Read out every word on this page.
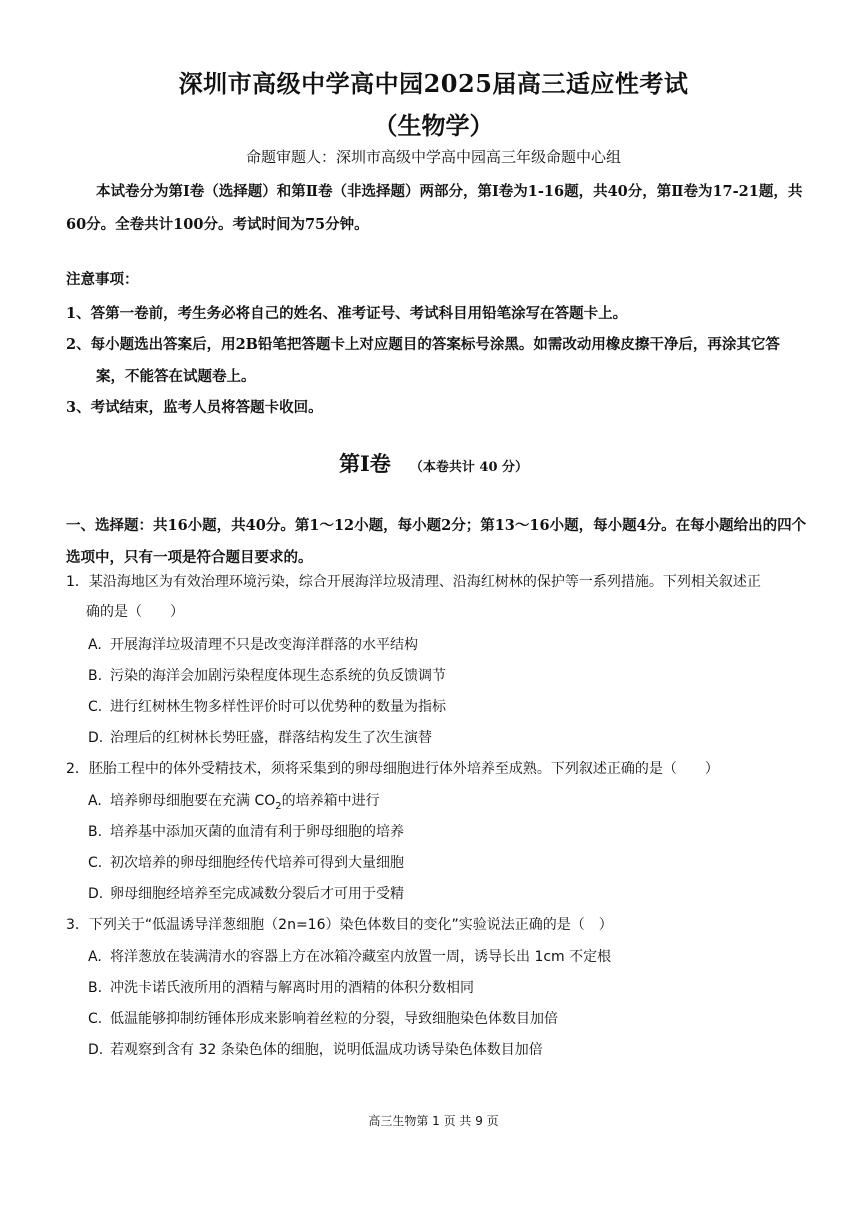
深圳市高级中学高中园2025届高三适应性考试
（生物学）
命题审题人：深圳市高级中学高中园高三年级命题中心组
本试卷分为第Ⅰ卷（选择题）和第Ⅱ卷（非选择题）两部分，第Ⅰ卷为1-16题，共40分，第Ⅱ卷为17-21题，共60分。全卷共计100分。考试时间为75分钟。
注意事项：
1、答第一卷前，考生务必将自己的姓名、准考证号、考试科目用铅笔涂写在答题卡上。
2、每小题选出答案后，用2B铅笔把答题卡上对应题目的答案标号涂黑。如需改动用橡皮擦干净后，再涂其它答
案，不能答在试题卷上。
3、考试结束，监考人员将答题卡收回。
第Ⅰ卷 （本卷共计 40 分）
一、选择题：共16小题，共40分。第1～12小题，每小题2分；第13～16小题，每小题4分。在每小题给出的四个选项中，只有一项是符合题目要求的。
1．某沿海地区为有效治理环境污染，综合开展海洋垃圾清理、沿海红树林的保护等一系列措施。下列相关叙述正
确的是（　　）
A. 开展海洋垃圾清理不只是改变海洋群落的水平结构
B. 污染的海洋会加剧污染程度体现生态系统的负反馈调节
C. 进行红树林生物多样性评价时可以优势种的数量为指标
D. 治理后的红树林长势旺盛，群落结构发生了次生演替
2．胚胎工程中的体外受精技术，须将采集到的卵母细胞进行体外培养至成熟。下列叙述正确的是（　　）
A. 培养卵母细胞要在充满 $CO_2$的培养箱中进行
B. 培养基中添加灭菌的血清有利于卵母细胞的培养
C. 初次培养的卵母细胞经传代培养可得到大量细胞
D. 卵母细胞经培养至完成减数分裂后才可用于受精
3．下列关于“低温诱导洋葱细胞（2n=16）染色体数目的变化”实验说法正确的是（　）
A. 将洋葱放在装满清水的容器上方在冰箱冷藏室内放置一周，诱导长出 1cm 不定根
B. 冲洗卡诺氏液所用的酒精与解离时用的酒精的体积分数相同
C. 低温能够抑制纺锤体形成来影响着丝粒的分裂，导致细胞染色体数目加倍
D. 若观察到含有 32 条染色体的细胞，说明低温成功诱导染色体数目加倍
高三生物第 1 页 共 9 页
